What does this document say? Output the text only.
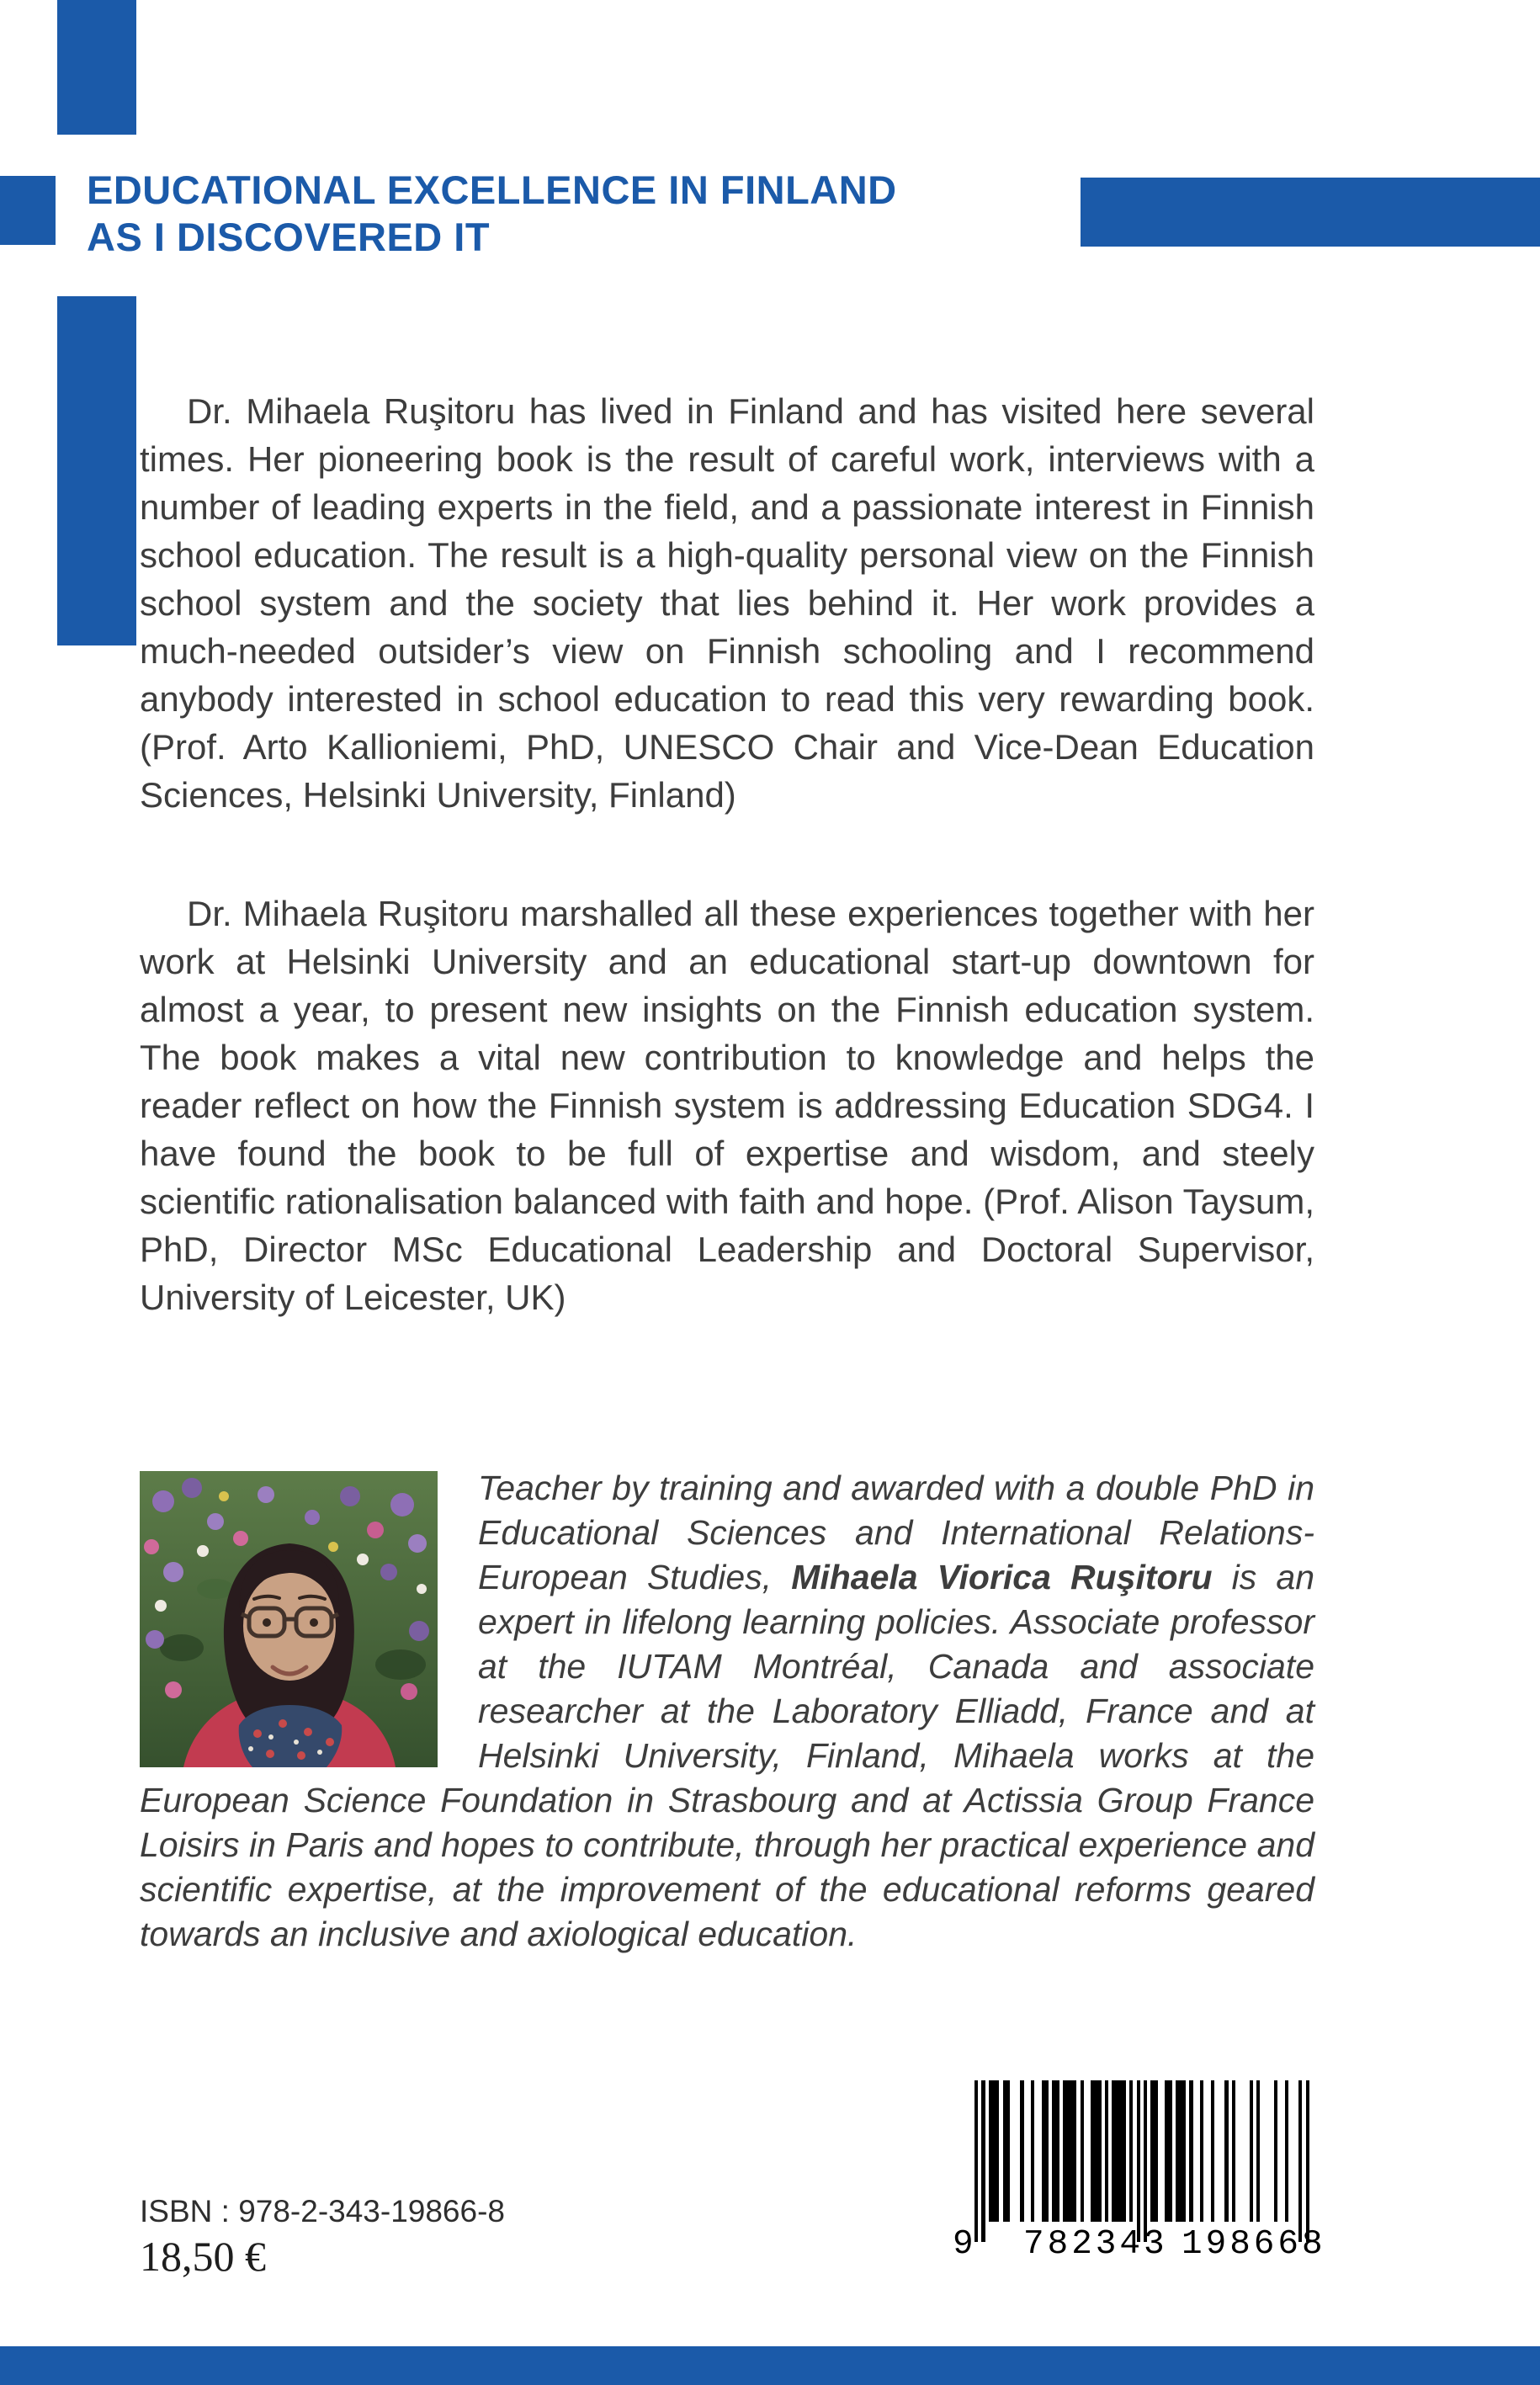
EDUCATIONAL EXCELLENCE IN FINLAND
AS I DISCOVERED IT

Dr. Mihaela Ruşitoru has lived in Finland and has visited here several times. Her pioneering book is the result of careful work, interviews with a number of leading experts in the field, and a passionate interest in Finnish school education. The result is a high-quality personal view on the Finnish school system and the society that lies behind it. Her work provides a much-needed outsider’s view on Finnish schooling and I recommend anybody interested in school education to read this very rewarding book. (Prof. Arto Kallioniemi, PhD, UNESCO Chair and Vice-Dean Education Sciences, Helsinki University, Finland)

Dr. Mihaela Ruşitoru marshalled all these experiences together with her work at Helsinki University and an educational start-up downtown for almost a year, to present new insights on the Finnish education system. The book makes a vital new contribution to knowledge and helps the reader reflect on how the Finnish system is addressing Education SDG4. I have found the book to be full of expertise and wisdom, and steely scientific rationalisation balanced with faith and hope. (Prof. Alison Taysum, PhD, Director MSc Educational Leadership and Doctoral Supervisor, University of Leicester, UK)

Teacher by training and awarded with a double PhD in Educational Sciences and International Relations-European Studies, Mihaela Viorica Ruşitoru is an expert in lifelong learning policies. Associate professor at the IUTAM Montréal, Canada and associate researcher at the Laboratory Elliadd, France and at Helsinki University, Finland, Mihaela works at the European Science Foundation in Strasbourg and at Actissia Group France Loisirs in Paris and hopes to contribute, through her practical experience and scientific expertise, at the improvement of the educational reforms geared towards an inclusive and axiological education.

ISBN : 978-2-343-19866-8
18,50 €	9 782343 198668
